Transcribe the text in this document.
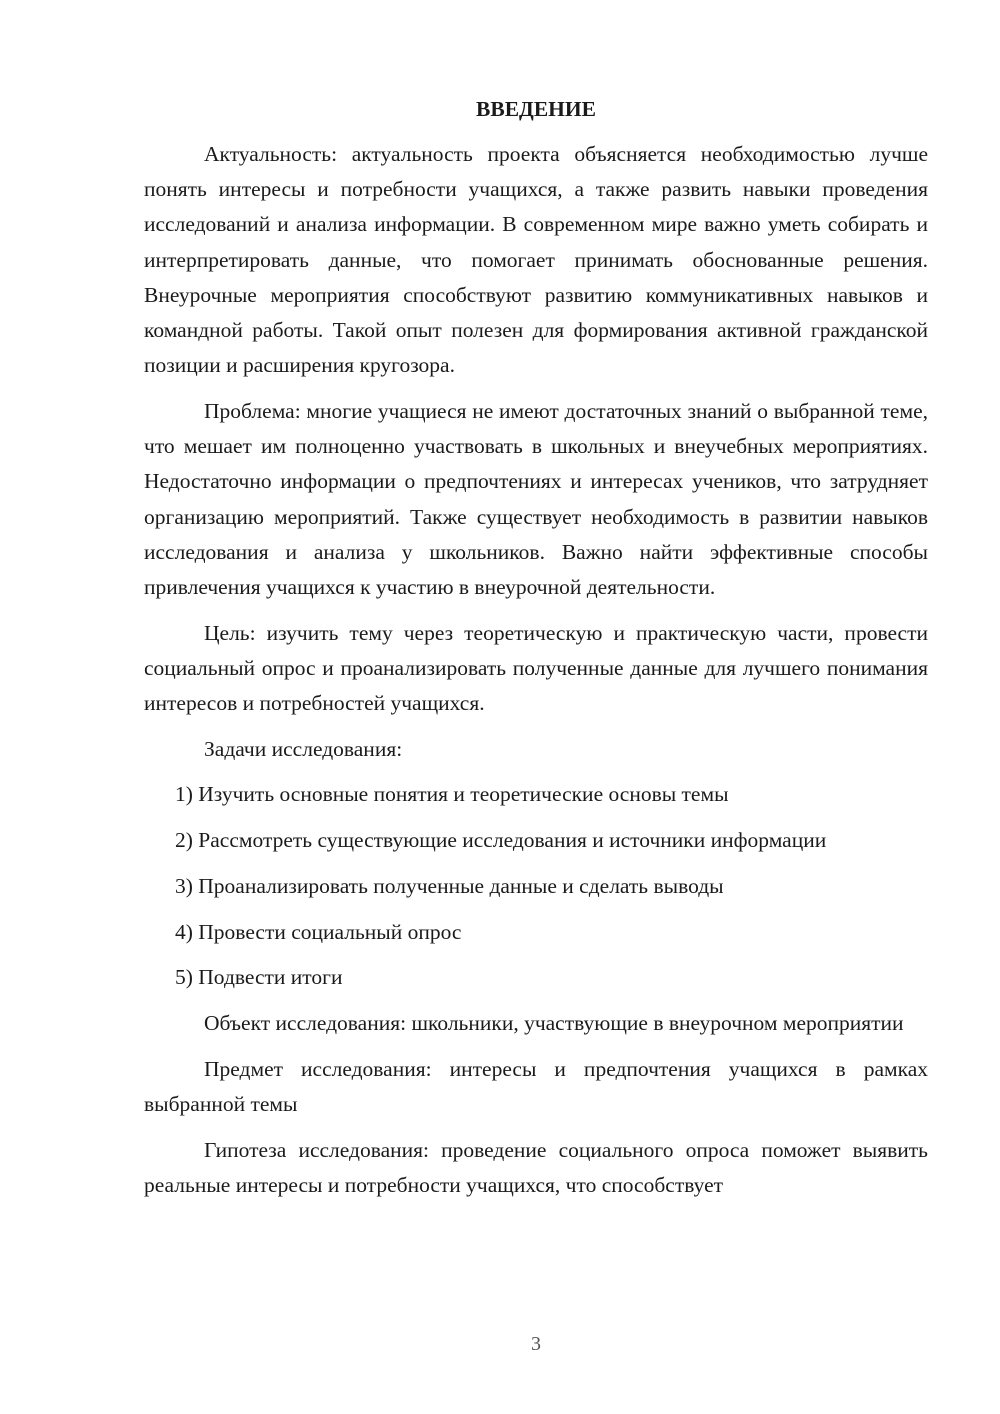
ВВЕДЕНИЕ

Актуальность: актуальность проекта объясняется необходимостью лучше понять интересы и потребности учащихся, а также развить навыки проведения исследований и анализа информации. В современном мире важно уметь собирать и интерпретировать данные, что помогает принимать обоснованные решения. Внеурочные мероприятия способствуют развитию коммуникативных навыков и командной работы. Такой опыт полезен для формирования активной гражданской позиции и расширения кругозора.

Проблема: многие учащиеся не имеют достаточных знаний о выбранной теме, что мешает им полноценно участвовать в школьных и внеучебных мероприятиях. Недостаточно информации о предпочтениях и интересах учеников, что затрудняет организацию мероприятий. Также существует необходимость в развитии навыков исследования и анализа у школьников. Важно найти эффективные способы привлечения учащихся к участию в внеурочной деятельности.

Цель: изучить тему через теоретическую и практическую части, провести социальный опрос и проанализировать полученные данные для лучшего понимания интересов и потребностей учащихся.

Задачи исследования:

1) Изучить основные понятия и теоретические основы темы

2) Рассмотреть существующие исследования и источники информации

3) Проанализировать полученные данные и сделать выводы

4) Провести социальный опрос

5) Подвести итоги

Объект исследования: школьники, участвующие в внеурочном мероприятии

Предмет исследования: интересы и предпочтения учащихся в рамках выбранной темы

Гипотеза исследования: проведение социального опроса поможет выявить реальные интересы и потребности учащихся, что способствует

3
